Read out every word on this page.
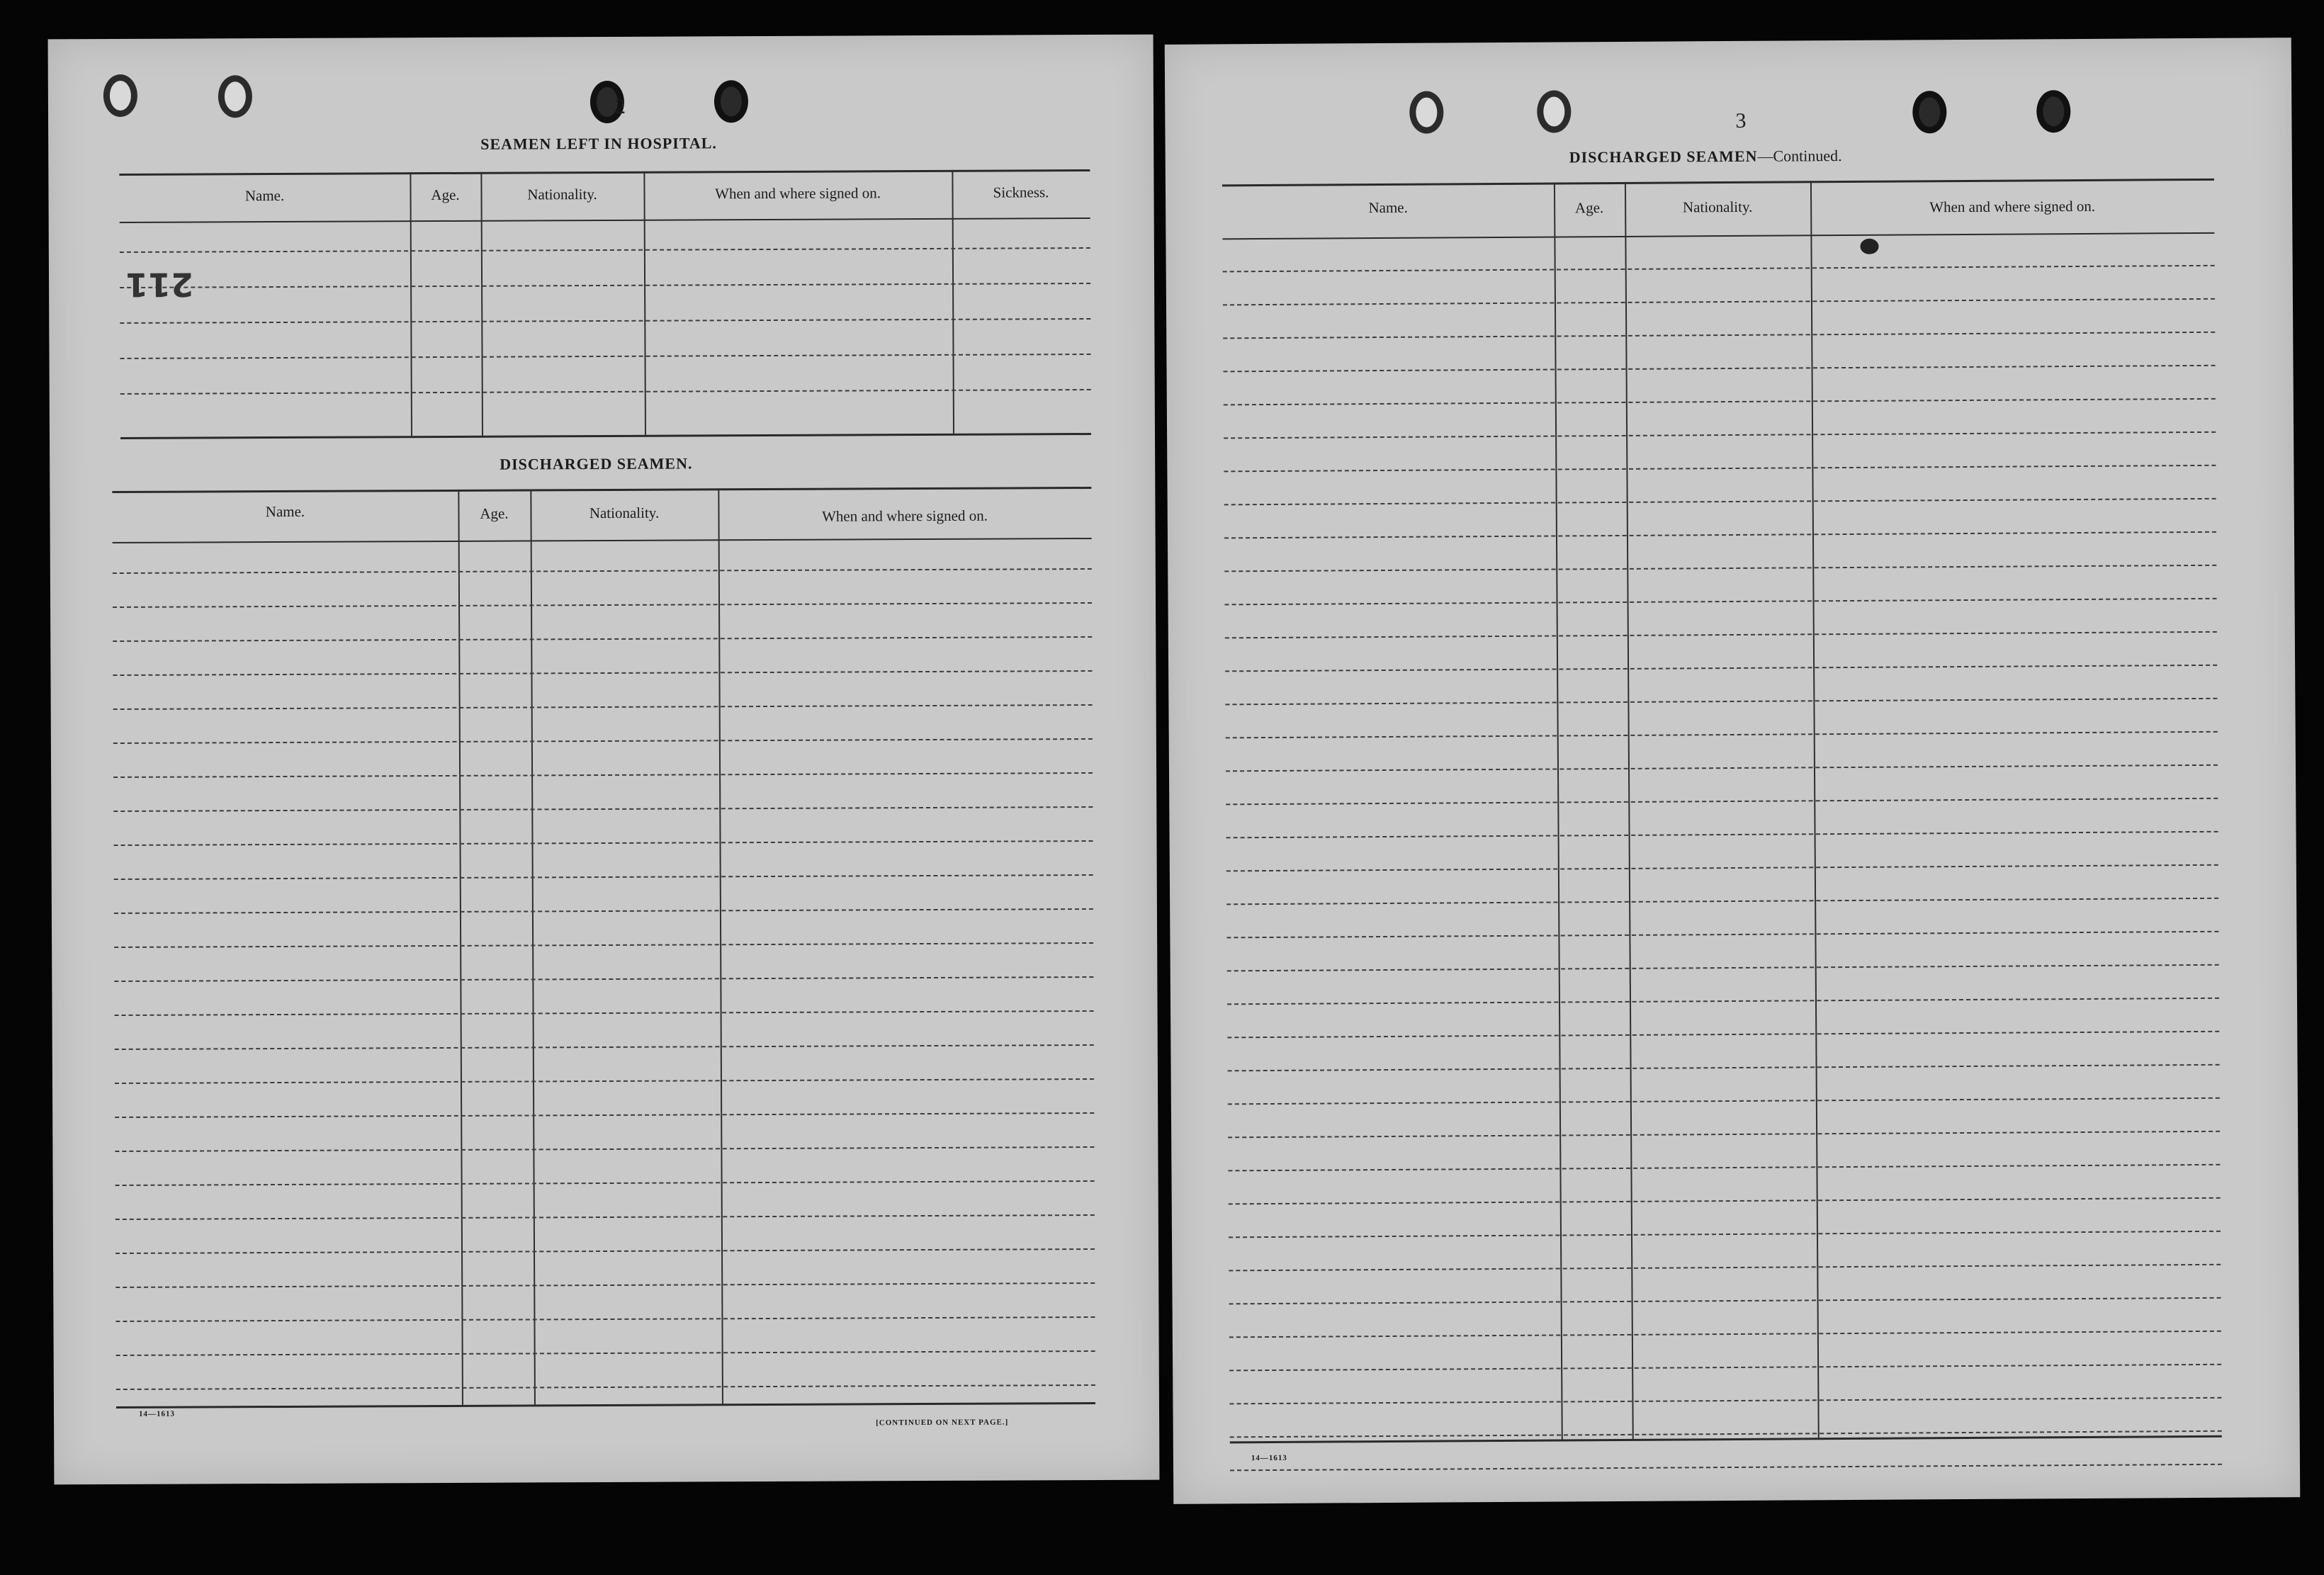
2
SEAMEN LEFT IN HOSPITAL.
Name.	Age.	Nationality.	When and where signed on.	Sickness.
211
DISCHARGED SEAMEN.
Name.	Age.	Nationality.	When and where signed on.
14—1613
[CONTINUED ON NEXT PAGE.]
3
DISCHARGED SEAMEN—Continued.
Name.	Age.	Nationality.	When and where signed on.
14—1613
